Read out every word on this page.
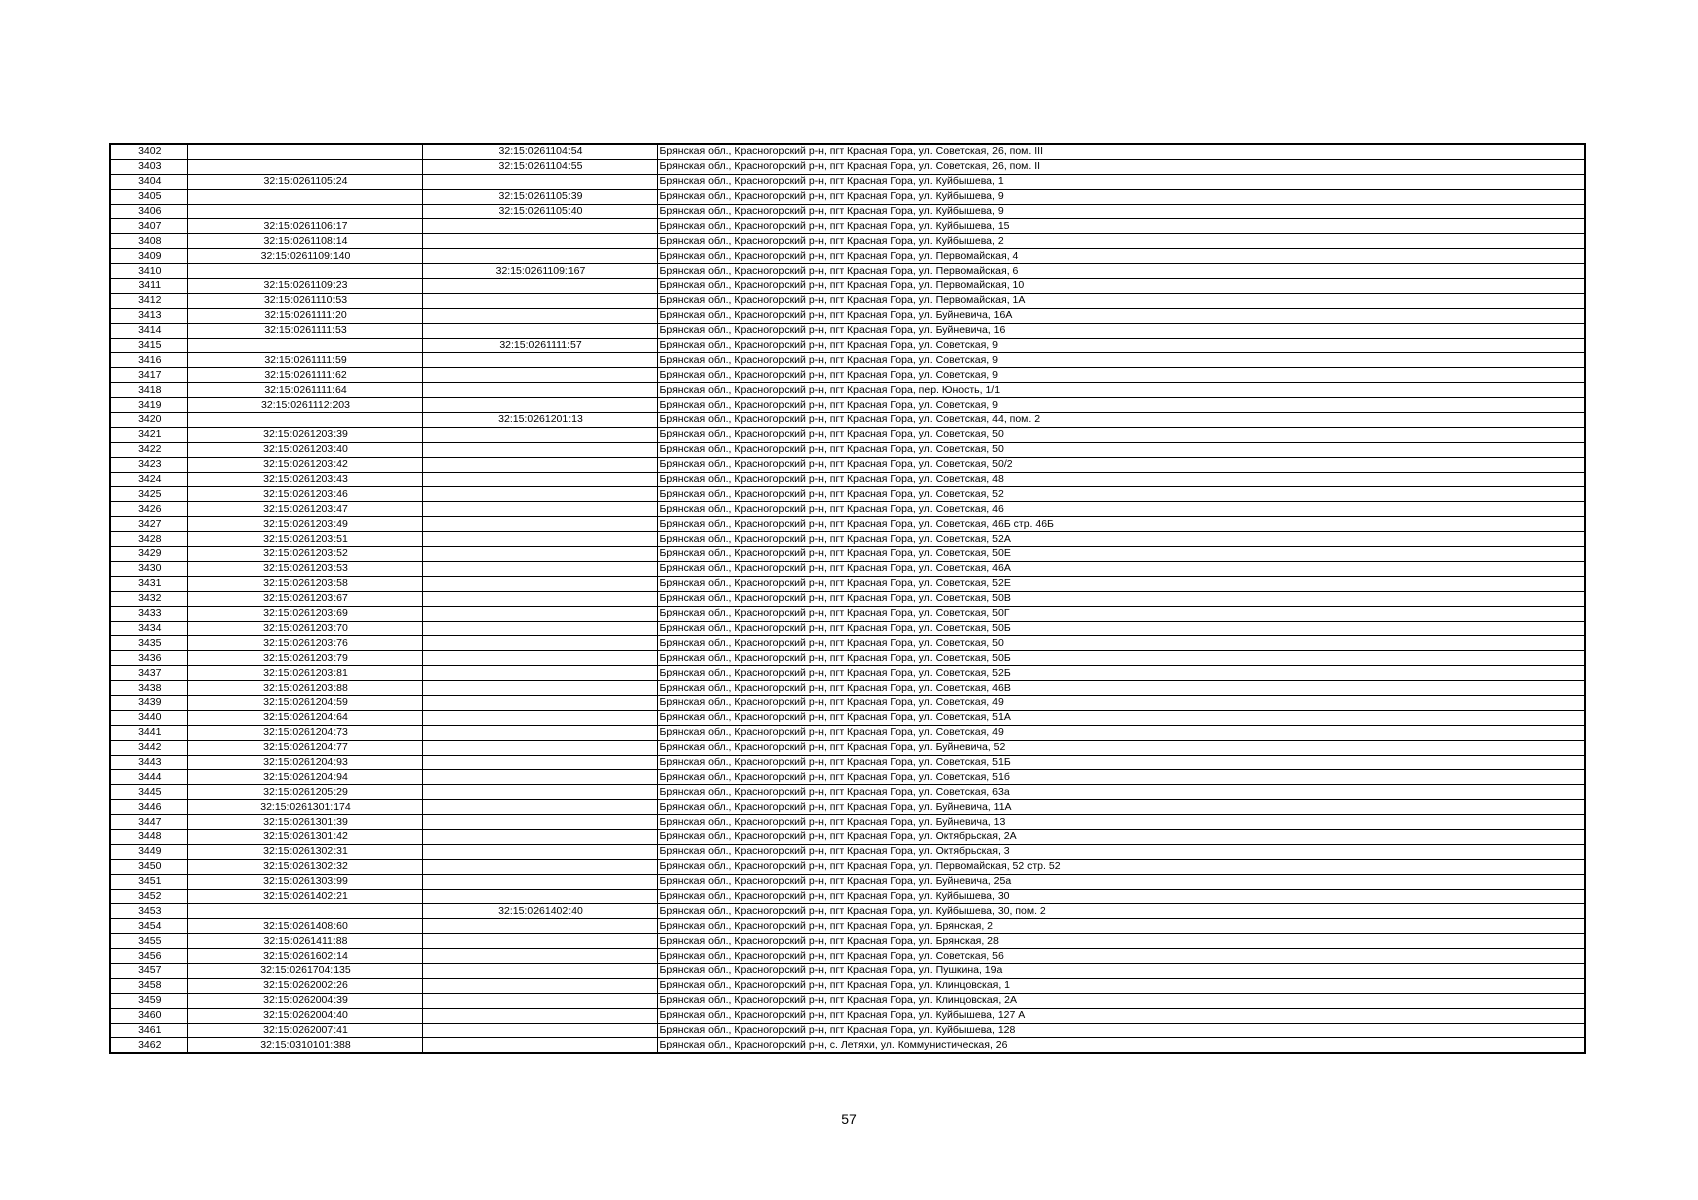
3402		32:15:0261104:54	Брянская обл., Красногорский р-н, пгт Красная Гора, ул. Советская, 26, пом. III
3403		32:15:0261104:55	Брянская обл., Красногорский р-н, пгт Красная Гора, ул. Советская, 26, пом. II
3404	32:15:0261105:24		Брянская обл., Красногорский р-н, пгт Красная Гора, ул. Куйбышева, 1
3405		32:15:0261105:39	Брянская обл., Красногорский р-н, пгт Красная Гора, ул. Куйбышева, 9
3406		32:15:0261105:40	Брянская обл., Красногорский р-н, пгт Красная Гора, ул. Куйбышева, 9
3407	32:15:0261106:17		Брянская обл., Красногорский р-н, пгт Красная Гора, ул. Куйбышева, 15
3408	32:15:0261108:14		Брянская обл., Красногорский р-н, пгт Красная Гора, ул. Куйбышева, 2
3409	32:15:0261109:140		Брянская обл., Красногорский р-н, пгт Красная Гора, ул. Первомайская, 4
3410		32:15:0261109:167	Брянская обл., Красногорский р-н, пгт Красная Гора, ул. Первомайская, 6
3411	32:15:0261109:23		Брянская обл., Красногорский р-н, пгт Красная Гора, ул. Первомайская, 10
3412	32:15:0261110:53		Брянская обл., Красногорский р-н, пгт Красная Гора, ул. Первомайская, 1А
3413	32:15:0261111:20		Брянская обл., Красногорский р-н, пгт Красная Гора, ул. Буйневича, 16А
3414	32:15:0261111:53		Брянская обл., Красногорский р-н, пгт Красная Гора, ул. Буйневича, 16
3415		32:15:0261111:57	Брянская обл., Красногорский р-н, пгт Красная Гора, ул. Советская, 9
3416	32:15:0261111:59		Брянская обл., Красногорский р-н, пгт Красная Гора, ул. Советская, 9
3417	32:15:0261111:62		Брянская обл., Красногорский р-н, пгт Красная Гора, ул. Советская, 9
3418	32:15:0261111:64		Брянская обл., Красногорский р-н, пгт Красная Гора, пер. Юность, 1/1
3419	32:15:0261112:203		Брянская обл., Красногорский р-н, пгт Красная Гора, ул. Советская, 9
3420		32:15:0261201:13	Брянская обл., Красногорский р-н, пгт Красная Гора, ул. Советская, 44, пом. 2
3421	32:15:0261203:39		Брянская обл., Красногорский р-н, пгт Красная Гора, ул. Советская, 50
3422	32:15:0261203:40		Брянская обл., Красногорский р-н, пгт Красная Гора, ул. Советская, 50
3423	32:15:0261203:42		Брянская обл., Красногорский р-н, пгт Красная Гора, ул. Советская, 50/2
3424	32:15:0261203:43		Брянская обл., Красногорский р-н, пгт Красная Гора, ул. Советская, 48
3425	32:15:0261203:46		Брянская обл., Красногорский р-н, пгт Красная Гора, ул. Советская, 52
3426	32:15:0261203:47		Брянская обл., Красногорский р-н, пгт Красная Гора, ул. Советская, 46
3427	32:15:0261203:49		Брянская обл., Красногорский р-н, пгт Красная Гора, ул. Советская, 46Б стр. 46Б
3428	32:15:0261203:51		Брянская обл., Красногорский р-н, пгт Красная Гора, ул. Советская, 52А
3429	32:15:0261203:52		Брянская обл., Красногорский р-н, пгт Красная Гора, ул. Советская, 50Е
3430	32:15:0261203:53		Брянская обл., Красногорский р-н, пгт Красная Гора, ул. Советская, 46А
3431	32:15:0261203:58		Брянская обл., Красногорский р-н, пгт Красная Гора, ул. Советская, 52Е
3432	32:15:0261203:67		Брянская обл., Красногорский р-н, пгт Красная Гора, ул. Советская, 50В
3433	32:15:0261203:69		Брянская обл., Красногорский р-н, пгт Красная Гора, ул. Советская, 50Г
3434	32:15:0261203:70		Брянская обл., Красногорский р-н, пгт Красная Гора, ул. Советская, 50Б
3435	32:15:0261203:76		Брянская обл., Красногорский р-н, пгт Красная Гора, ул. Советская, 50
3436	32:15:0261203:79		Брянская обл., Красногорский р-н, пгт Красная Гора, ул. Советская, 50Б
3437	32:15:0261203:81		Брянская обл., Красногорский р-н, пгт Красная Гора, ул. Советская, 52Б
3438	32:15:0261203:88		Брянская обл., Красногорский р-н, пгт Красная Гора, ул. Советская, 46В
3439	32:15:0261204:59		Брянская обл., Красногорский р-н, пгт Красная Гора, ул. Советская, 49
3440	32:15:0261204:64		Брянская обл., Красногорский р-н, пгт Красная Гора, ул. Советская, 51А
3441	32:15:0261204:73		Брянская обл., Красногорский р-н, пгт Красная Гора, ул. Советская, 49
3442	32:15:0261204:77		Брянская обл., Красногорский р-н, пгт Красная Гора, ул. Буйневича, 52
3443	32:15:0261204:93		Брянская обл., Красногорский р-н, пгт Красная Гора, ул. Советская, 51Б
3444	32:15:0261204:94		Брянская обл., Красногорский р-н, пгт Красная Гора, ул. Советская, 51б
3445	32:15:0261205:29		Брянская обл., Красногорский р-н, пгт Красная Гора, ул. Советская, 63а
3446	32:15:0261301:174		Брянская обл., Красногорский р-н, пгт Красная Гора, ул. Буйневича, 11А
3447	32:15:0261301:39		Брянская обл., Красногорский р-н, пгт Красная Гора, ул. Буйневича, 13
3448	32:15:0261301:42		Брянская обл., Красногорский р-н, пгт Красная Гора, ул. Октябрьская, 2А
3449	32:15:0261302:31		Брянская обл., Красногорский р-н, пгт Красная Гора, ул. Октябрьская, 3
3450	32:15:0261302:32		Брянская обл., Красногорский р-н, пгт Красная Гора, ул. Первомайская, 52 стр. 52
3451	32:15:0261303:99		Брянская обл., Красногорский р-н, пгт Красная Гора, ул. Буйневича, 25а
3452	32:15:0261402:21		Брянская обл., Красногорский р-н, пгт Красная Гора, ул. Куйбышева, 30
3453		32:15:0261402:40	Брянская обл., Красногорский р-н, пгт Красная Гора, ул. Куйбышева, 30, пом. 2
3454	32:15:0261408:60		Брянская обл., Красногорский р-н, пгт Красная Гора, ул. Брянская, 2
3455	32:15:0261411:88		Брянская обл., Красногорский р-н, пгт Красная Гора, ул. Брянская, 28
3456	32:15:0261602:14		Брянская обл., Красногорский р-н, пгт Красная Гора, ул. Советская, 56
3457	32:15:0261704:135		Брянская обл., Красногорский р-н, пгт Красная Гора, ул. Пушкина, 19а
3458	32:15:0262002:26		Брянская обл., Красногорский р-н, пгт Красная Гора, ул. Клинцовская, 1
3459	32:15:0262004:39		Брянская обл., Красногорский р-н, пгт Красная Гора, ул. Клинцовская, 2А
3460	32:15:0262004:40		Брянская обл., Красногорский р-н, пгт Красная Гора, ул. Куйбышева, 127 А
3461	32:15:0262007:41		Брянская обл., Красногорский р-н, пгт Красная Гора, ул. Куйбышева, 128
3462	32:15:0310101:388		Брянская обл., Красногорский р-н, с. Летяхи, ул. Коммунистическая, 26
57
